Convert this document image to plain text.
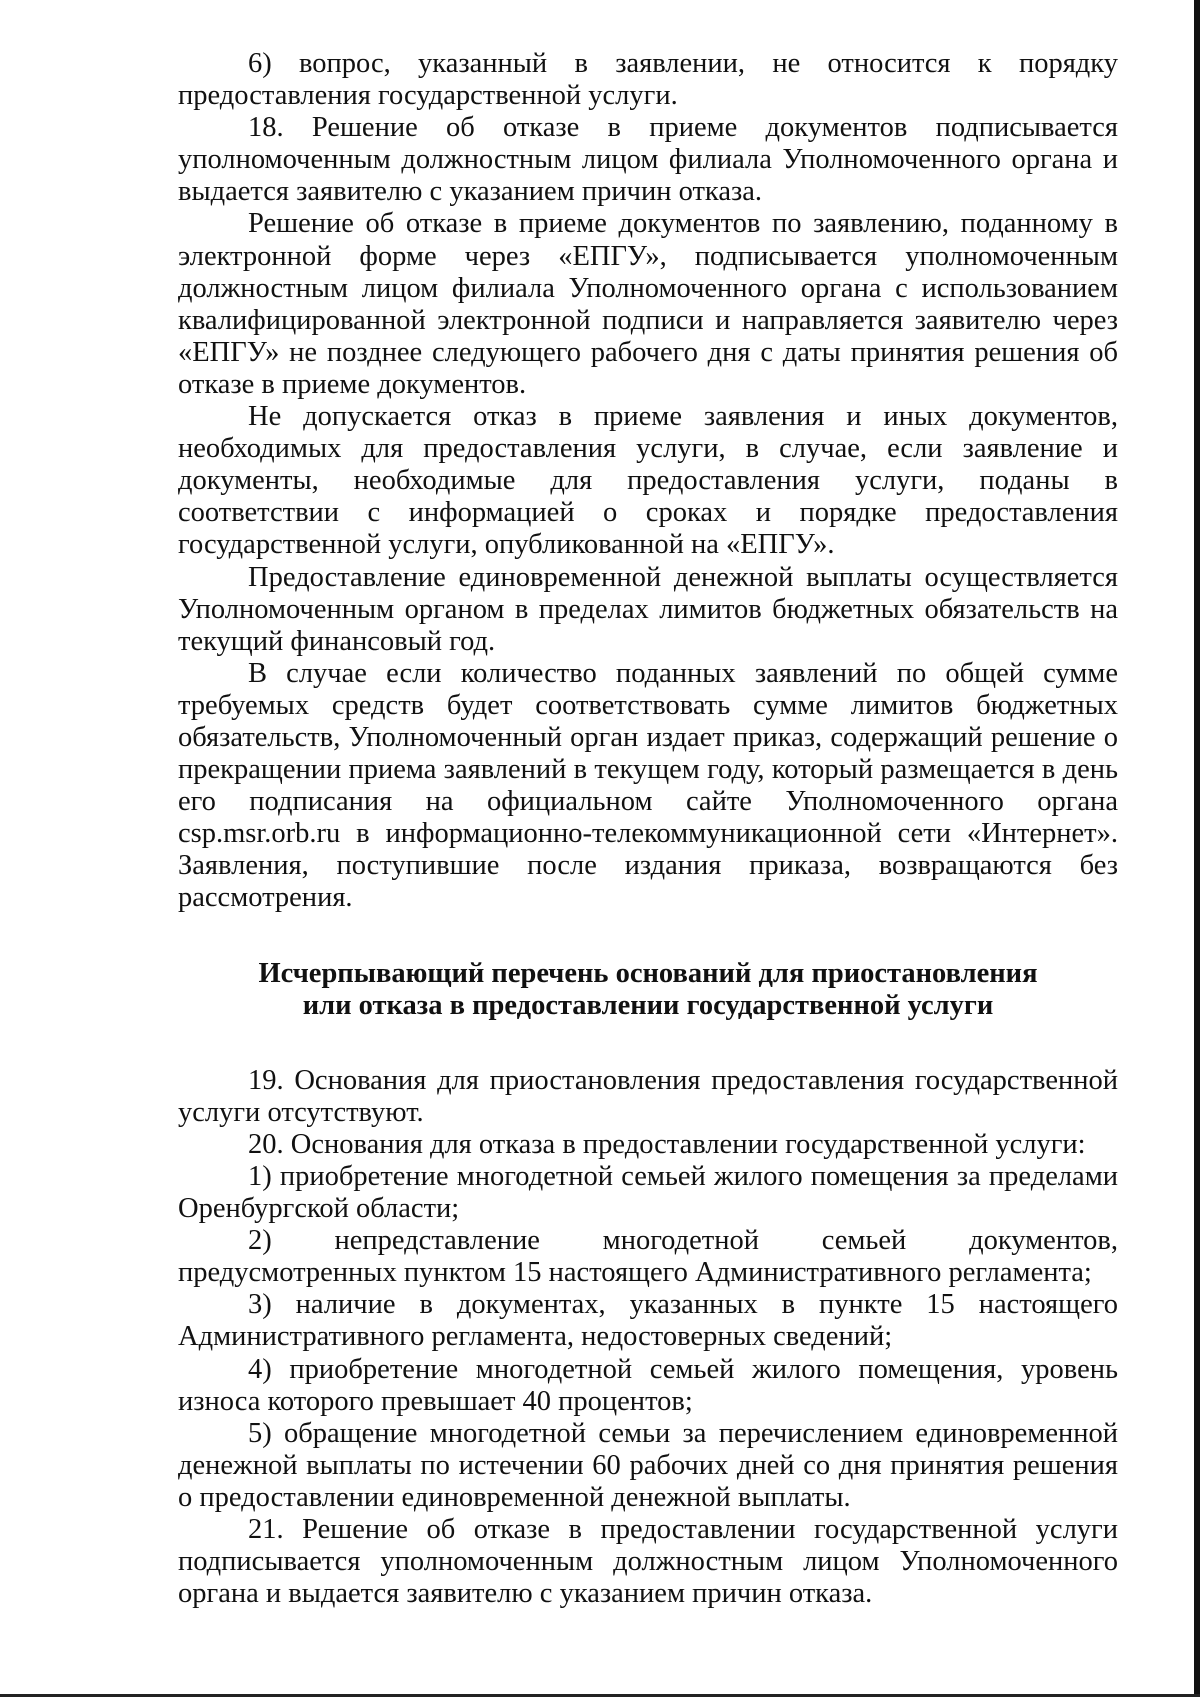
6) вопрос, указанный в заявлении, не относится к порядку предоставления государственной услуги.

18. Решение об отказе в приеме документов подписывается уполномоченным должностным лицом филиала Уполномоченного органа и выдается заявителю с указанием причин отказа.

Решение об отказе в приеме документов по заявлению, поданному в электронной форме через «ЕПГУ», подписывается уполномоченным должностным лицом филиала Уполномоченного органа с использованием квалифицированной электронной подписи и направляется заявителю через «ЕПГУ» не позднее следующего рабочего дня с даты принятия решения об отказе в приеме документов.

Не допускается отказ в приеме заявления и иных документов, необходимых для предоставления услуги, в случае, если заявление и документы, необходимые для предоставления услуги, поданы в соответствии с информацией о сроках и порядке предоставления государственной услуги, опубликованной на «ЕПГУ».

Предоставление единовременной денежной выплаты осуществляется Уполномоченным органом в пределах лимитов бюджетных обязательств на текущий финансовый год.

В случае если количество поданных заявлений по общей сумме требуемых средств будет соответствовать сумме лимитов бюджетных обязательств, Уполномоченный орган издает приказ, содержащий решение о прекращении приема заявлений в текущем году, который размещается в день его подписания на официальном сайте Уполномоченного органа csp.msr.orb.ru в информационно-телекоммуникационной сети «Интернет». Заявления, поступившие после издания приказа, возвращаются без рассмотрения.

Исчерпывающий перечень оснований для приостановления
или отказа в предоставлении государственной услуги

19. Основания для приостановления предоставления государственной услуги отсутствуют.

20. Основания для отказа в предоставлении государственной услуги:

1) приобретение многодетной семьей жилого помещения за пределами Оренбургской области;

2) непредставление многодетной семьей документов, предусмотренных пунктом 15 настоящего Административного регламента;

3) наличие в документах, указанных в пункте 15 настоящего Административного регламента, недостоверных сведений;

4) приобретение многодетной семьей жилого помещения, уровень износа которого превышает 40 процентов;

5) обращение многодетной семьи за перечислением единовременной денежной выплаты по истечении 60 рабочих дней со дня принятия решения о предоставлении единовременной денежной выплаты.

21. Решение об отказе в предоставлении государственной услуги подписывается уполномоченным должностным лицом Уполномоченного органа и выдается заявителю с указанием причин отказа.
